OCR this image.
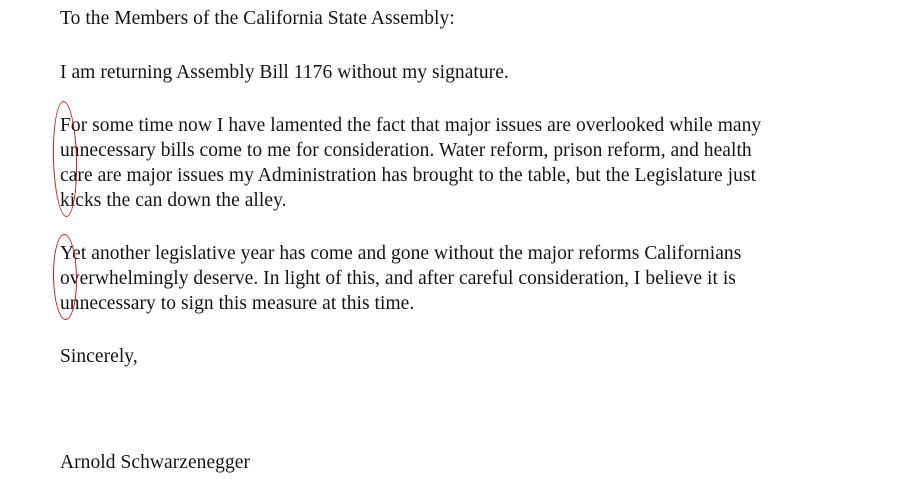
To the Members of the California State Assembly:
I am returning Assembly Bill 1176 without my signature.
For some time now I have lamented the fact that major issues are overlooked while many
unnecessary bills come to me for consideration. Water reform, prison reform, and health
care are major issues my Administration has brought to the table, but the Legislature just
kicks the can down the alley.
Yet another legislative year has come and gone without the major reforms Californians
overwhelmingly deserve. In light of this, and after careful consideration, I believe it is
unnecessary to sign this measure at this time.
Sincerely,
Arnold Schwarzenegger
